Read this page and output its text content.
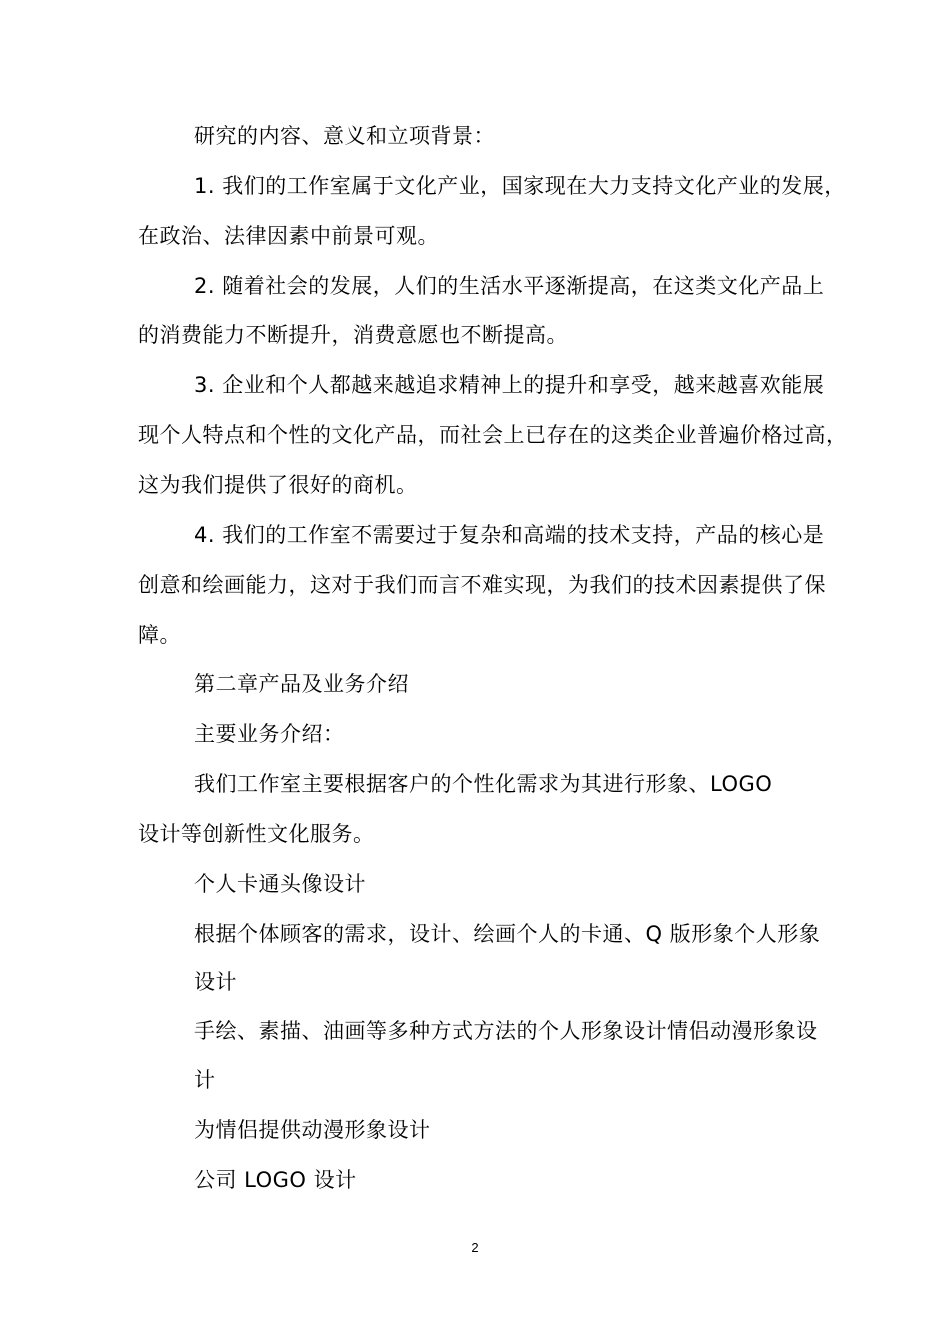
研究的内容、意义和立项背景：
1. 我们的工作室属于文化产业，国家现在大力支持文化产业的发展，
在政治、法律因素中前景可观。
2. 随着社会的发展，人们的生活水平逐渐提高，在这类文化产品上
的消费能力不断提升，消费意愿也不断提高。
3. 企业和个人都越来越追求精神上的提升和享受，越来越喜欢能展
现个人特点和个性的文化产品，而社会上已存在的这类企业普遍价格过高，
这为我们提供了很好的商机。
4. 我们的工作室不需要过于复杂和高端的技术支持，产品的核心是
创意和绘画能力，这对于我们而言不难实现，为我们的技术因素提供了保
障。
第二章产品及业务介绍
主要业务介绍：
我们工作室主要根据客户的个性化需求为其进行形象、LOGO
设计等创新性文化服务。
个人卡通头像设计
根据个体顾客的需求，设计、绘画个人的卡通、Q 版形象个人形象
设计
手绘、素描、油画等多种方式方法的个人形象设计情侣动漫形象设
计
为情侣提供动漫形象设计
公司 LOGO 设计
2
